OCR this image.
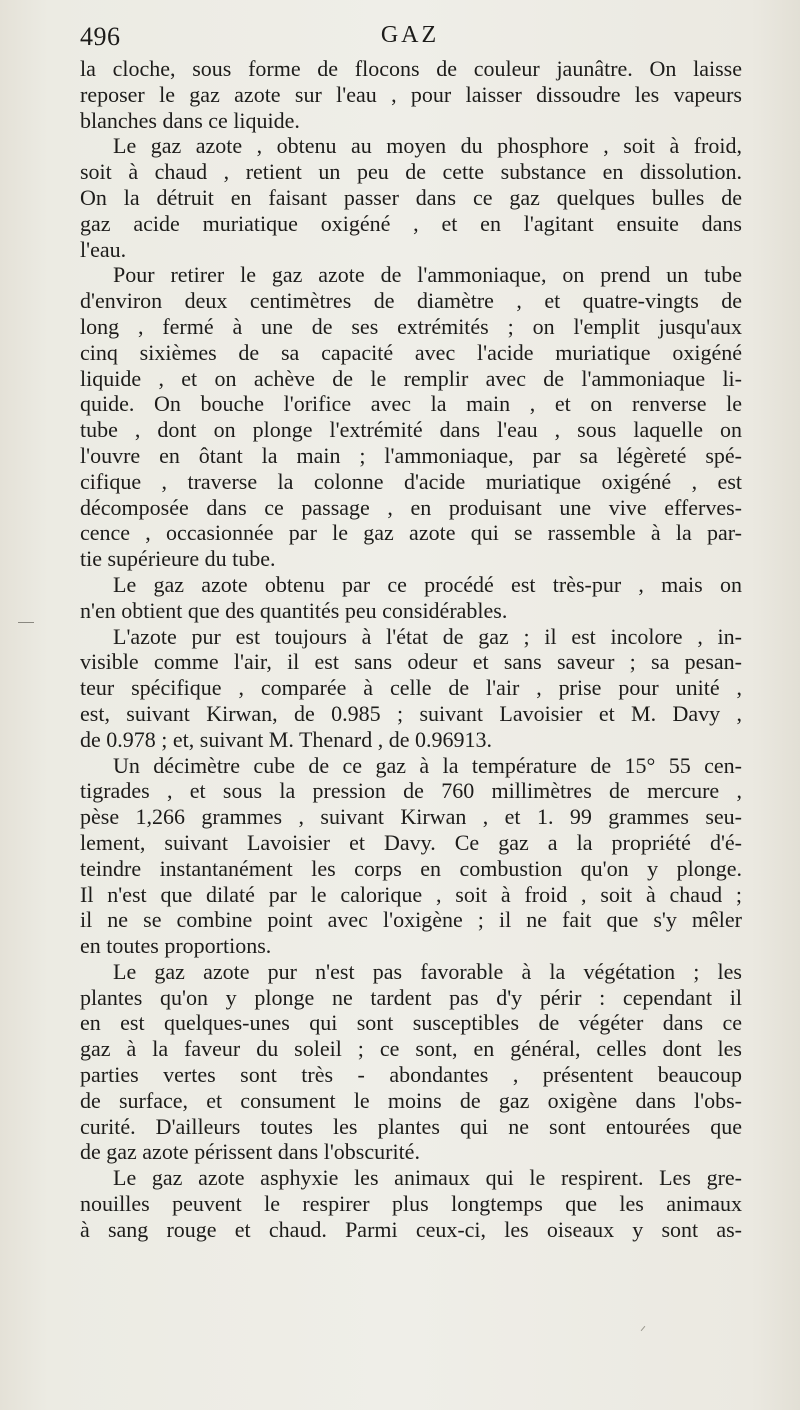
496	GAZ
la cloche, sous forme de flocons de couleur jaunâtre. On laisse
reposer le gaz azote sur l'eau , pour laisser dissoudre les vapeurs
blanches dans ce liquide.
Le gaz azote , obtenu au moyen du phosphore , soit à froid,
soit à chaud , retient un peu de cette substance en dissolution.
On la détruit en faisant passer dans ce gaz quelques bulles de
gaz acide muriatique oxigéné , et en l'agitant ensuite dans
l'eau.
Pour retirer le gaz azote de l'ammoniaque, on prend un tube
d'environ deux centimètres de diamètre , et quatre-vingts de
long , fermé à une de ses extrémités ; on l'emplit jusqu'aux
cinq sixièmes de sa capacité avec l'acide muriatique oxigéné
liquide , et on achève de le remplir avec de l'ammoniaque li-
quide. On bouche l'orifice avec la main , et on renverse le
tube , dont on plonge l'extrémité dans l'eau , sous laquelle on
l'ouvre en ôtant la main ; l'ammoniaque, par sa légèreté spé-
cifique , traverse la colonne d'acide muriatique oxigéné , est
décomposée dans ce passage , en produisant une vive efferves-
cence , occasionnée par le gaz azote qui se rassemble à la par-
tie supérieure du tube.
Le gaz azote obtenu par ce procédé est très-pur , mais on
n'en obtient que des quantités peu considérables.
L'azote pur est toujours à l'état de gaz ; il est incolore , in-
visible comme l'air, il est sans odeur et sans saveur ; sa pesan-
teur spécifique , comparée à celle de l'air , prise pour unité ,
est, suivant Kirwan, de 0.985 ; suivant Lavoisier et M. Davy ,
de 0.978 ; et, suivant M. Thenard , de 0.96913.
Un décimètre cube de ce gaz à la température de 15° 55 cen-
tigrades , et sous la pression de 760 millimètres de mercure ,
pèse 1,266 grammes , suivant Kirwan , et 1. 99 grammes seu-
lement, suivant Lavoisier et Davy. Ce gaz a la propriété d'é-
teindre instantanément les corps en combustion qu'on y plonge.
Il n'est que dilaté par le calorique , soit à froid , soit à chaud ;
il ne se combine point avec l'oxigène ; il ne fait que s'y mêler
en toutes proportions.
Le gaz azote pur n'est pas favorable à la végétation ; les
plantes qu'on y plonge ne tardent pas d'y périr : cependant il
en est quelques-unes qui sont susceptibles de végéter dans ce
gaz à la faveur du soleil ; ce sont, en général, celles dont les
parties vertes sont très - abondantes , présentent beaucoup
de surface, et consument le moins de gaz oxigène dans l'obs-
curité. D'ailleurs toutes les plantes qui ne sont entourées que
de gaz azote périssent dans l'obscurité.
Le gaz azote asphyxie les animaux qui le respirent. Les gre-
nouilles peuvent le respirer plus longtemps que les animaux
à sang rouge et chaud. Parmi ceux-ci, les oiseaux y sont as-
